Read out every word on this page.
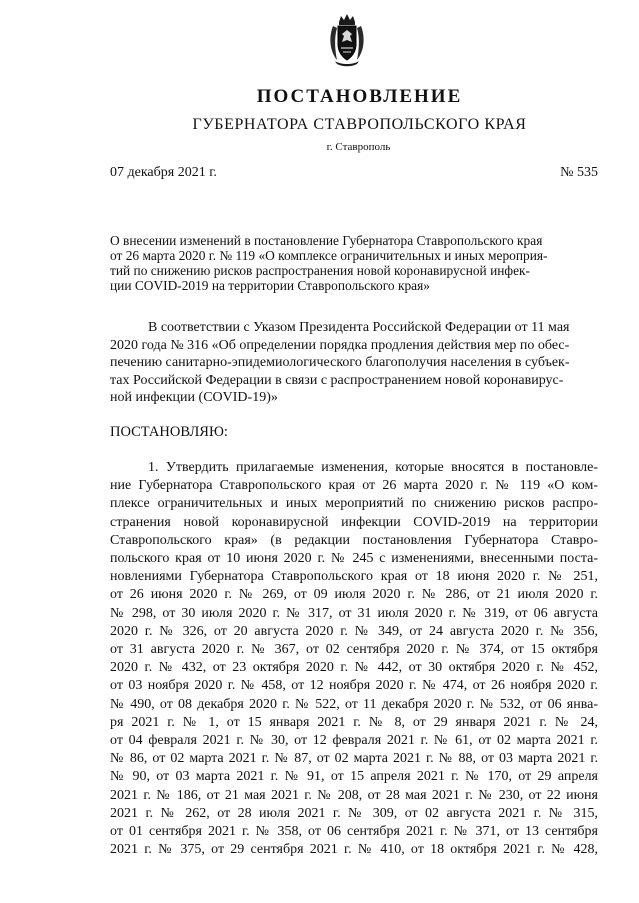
ПОСТАНОВЛЕНИЕ
ГУБЕРНАТОРА СТАВРОПОЛЬСКОГО КРАЯ
г. Ставрополь
07 декабря 2021 г.	№ 535
О внесении изменений в постановление Губернатора Ставропольского края
от 26 марта 2020 г. № 119 «О комплексе ограничительных и иных мероприя-
тий по снижению рисков распространения новой коронавирусной инфек-
ции COVID-2019 на территории Ставропольского края»
В соответствии с Указом Президента Российской Федерации от 11 мая
2020 года № 316 «Об определении порядка продления действия мер по обес-
печению санитарно-эпидемиологического благополучия населения в субъек-
тах Российской Федерации в связи с распространением новой коронавирус-
ной инфекции (COVID-19)»
ПОСТАНОВЛЯЮ:
1. Утвердить прилагаемые изменения, которые вносятся в постановле-
ние Губернатора Ставропольского края от 26 марта 2020 г. № 119 «О ком-
плексе ограничительных и иных мероприятий по снижению рисков распро-
странения новой коронавирусной инфекции COVID-2019 на территории
Ставропольского края» (в редакции постановления Губернатора Ставро-
польского края от 10 июня 2020 г. № 245 с изменениями, внесенными поста-
новлениями Губернатора Ставропольского края от 18 июня 2020 г. № 251,
от 26 июня 2020 г. № 269, от 09 июля 2020 г. № 286, от 21 июля 2020 г.
№ 298, от 30 июля 2020 г. № 317, от 31 июля 2020 г. № 319, от 06 августа
2020 г. № 326, от 20 августа 2020 г. № 349, от 24 августа 2020 г. № 356,
от 31 августа 2020 г. № 367, от 02 сентября 2020 г. № 374, от 15 октября
2020 г. № 432, от 23 октября 2020 г. № 442, от 30 октября 2020 г. № 452,
от 03 ноября 2020 г. № 458, от 12 ноября 2020 г. № 474, от 26 ноября 2020 г.
№ 490, от 08 декабря 2020 г. № 522, от 11 декабря 2020 г. № 532, от 06 янва-
ря 2021 г. № 1, от 15 января 2021 г. № 8, от 29 января 2021 г. № 24,
от 04 февраля 2021 г. № 30, от 12 февраля 2021 г. № 61, от 02 марта 2021 г.
№ 86, от 02 марта 2021 г. № 87, от 02 марта 2021 г. № 88, от 03 марта 2021 г.
№ 90, от 03 марта 2021 г. № 91, от 15 апреля 2021 г. № 170, от 29 апреля
2021 г. № 186, от 21 мая 2021 г. № 208, от 28 мая 2021 г. № 230, от 22 июня
2021 г. № 262, от 28 июля 2021 г. № 309, от 02 августа 2021 г. № 315,
от 01 сентября 2021 г. № 358, от 06 сентября 2021 г. № 371, от 13 сентября
2021 г. № 375, от 29 сентября 2021 г. № 410, от 18 октября 2021 г. № 428,
